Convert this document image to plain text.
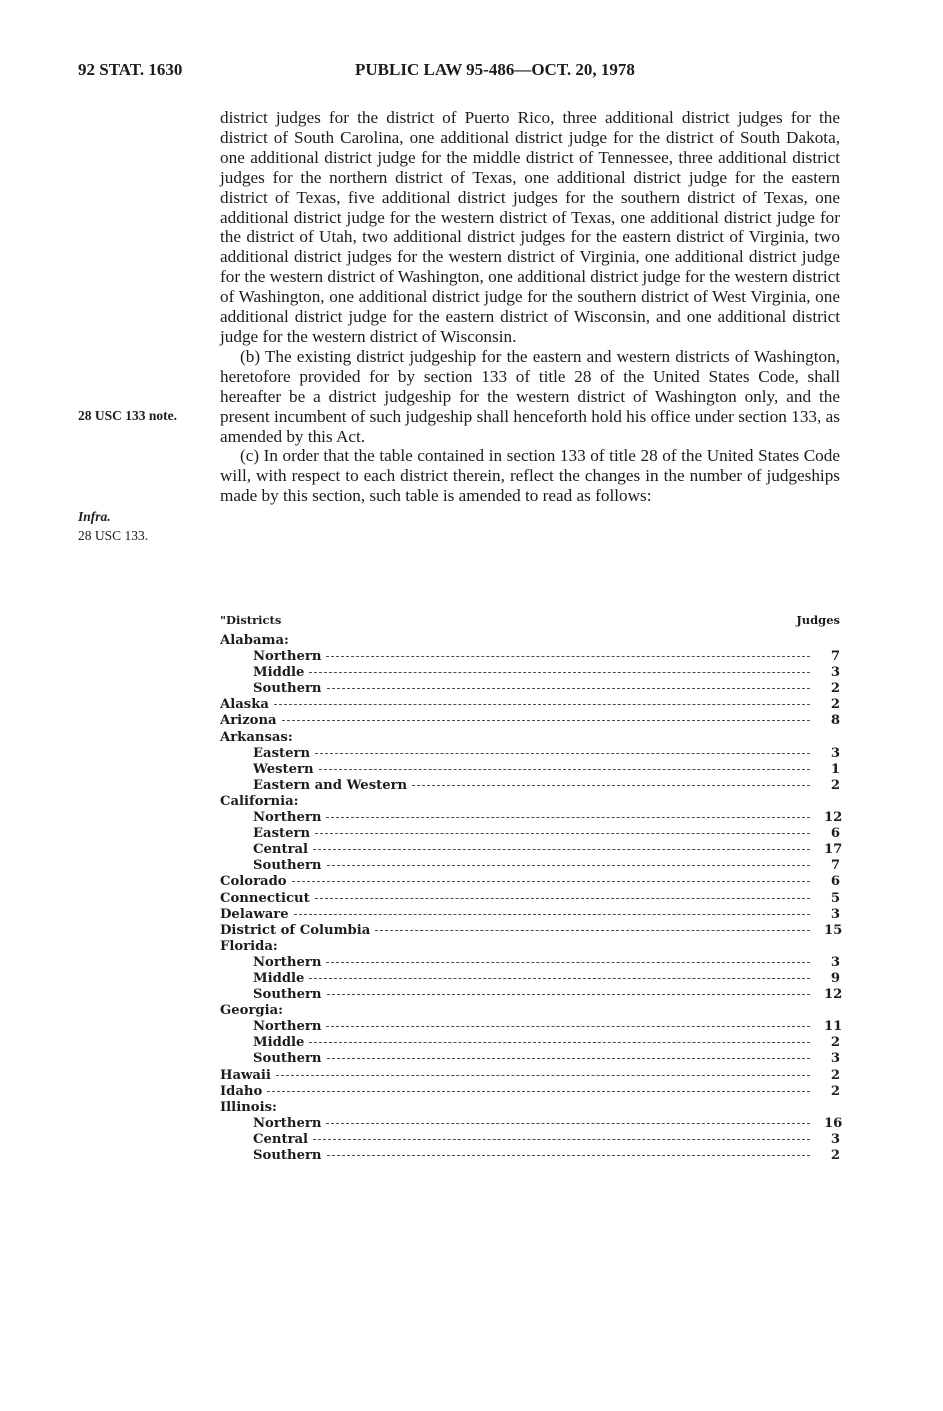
92 STAT. 1630	PUBLIC LAW 95-486—OCT. 20, 1978
28 USC 133 note.
Infra.
28 USC 133.

district judges for the district of Puerto Rico, three additional district judges for the district of South Carolina, one additional district judge for the district of South Dakota, one additional district judge for the middle district of Tennessee, three additional district judges for the northern district of Texas, one additional district judge for the eastern district of Texas, five additional district judges for the southern district of Texas, one additional district judge for the western district of Texas, one additional district judge for the district of Utah, two additional district judges for the eastern district of Virginia, two additional district judges for the western district of Virginia, one additional district judge for the western district of Washington, one additional district judge for the western district of Washington, one additional district judge for the southern district of West Virginia, one additional district judge for the eastern district of Wisconsin, and one additional district judge for the western district of Wisconsin.

(b) The existing district judgeship for the eastern and western districts of Washington, heretofore provided for by section 133 of title 28 of the United States Code, shall hereafter be a district judgeship for the western district of Washington only, and the present incumbent of such judgeship shall henceforth hold his office under section 133, as amended by this Act.

(c) In order that the table contained in section 133 of title 28 of the United States Code will, with respect to each district therein, reflect the changes in the number of judgeships made by this section, such table is amended to read as follows:

"Districts	Judges
Alabama:
Northern	7
Middle	3
Southern	2
Alaska	2
Arizona	8
Arkansas:
Eastern	3
Western	1
Eastern and Western	2
California:
Northern	12
Eastern	6
Central	17
Southern	7
Colorado	6
Connecticut	5
Delaware	3
District of Columbia	15
Florida:
Northern	3
Middle	9
Southern	12
Georgia:
Northern	11
Middle	2
Southern	3
Hawaii	2
Idaho	2
Illinois:
Northern	16
Central	3
Southern	2
